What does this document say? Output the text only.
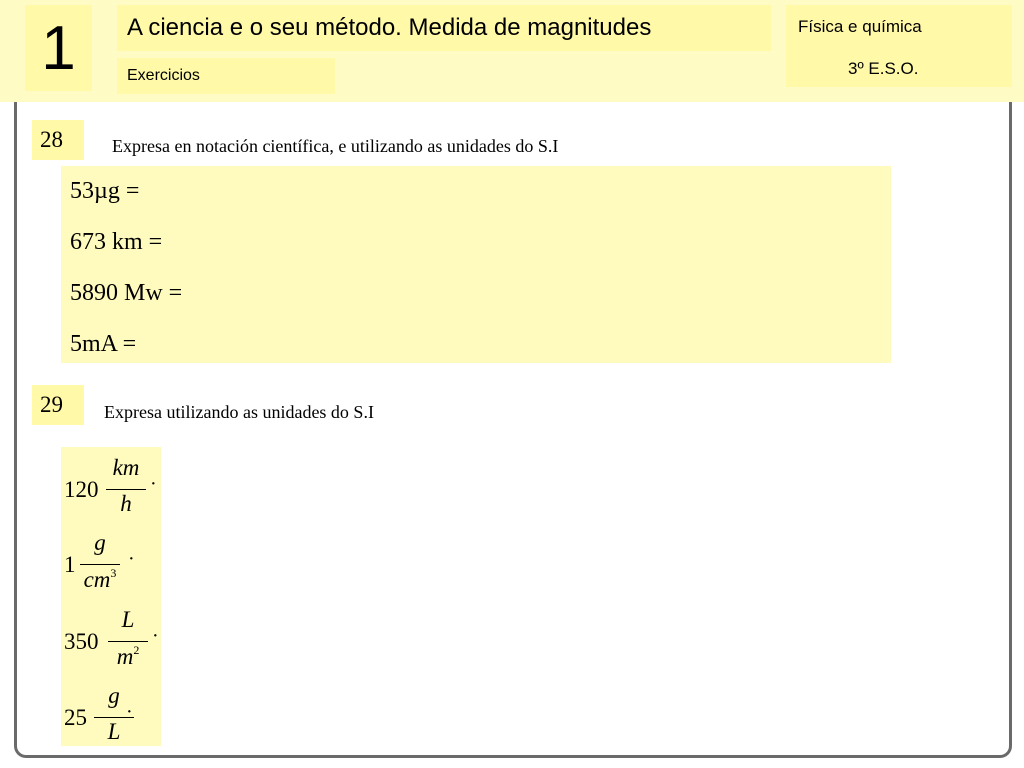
1	A ciencia e o seu método. Medida de magnitudes
Exercicios
Física e química
3º E.S.O.
28	Expresa en notación científica, e utilizando as unidades do S.I
53µg =
673 km =
5890 Mw =
5mA =
29	Expresa utilizando as unidades do S.I
120
km
h
·
1
g
$cm^3$
·
350
L
$m^2$
·
25
g
L
·
